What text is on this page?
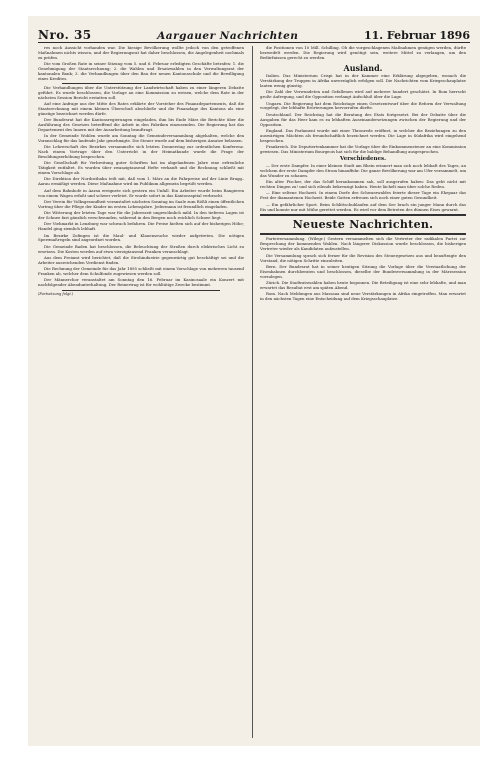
Nro. 35	Aargauer Nachrichten	11. Februar 1896

res noch Aussicht vorhanden war. Die hiesige Bevölkerung wollte jedoch von den getroffenen Maßnahmen nichts wissen, und der Regierungsrat hat daher beschlossen, die Angelegenheit nochmals zu prüfen.

Die vom Großen Rate in seiner Sitzung vom 5. und 6. Februar erledigten Geschäfte betrafen: 1. die Genehmigung der Staatsrechnung; 2. die Wahlen und Ersatzwahlen in den Verwaltungsrat der kantonalen Bank; 3. die Verhandlungen über den Bau der neuen Kantonsschule und die Bewilligung eines Kredites.

Die Verhandlungen über die Unterstützung der Landwirtschaft haben zu einer längeren Debatte geführt. Es wurde beschlossen, die Vorlage an eine Kommission zu weisen, welche dem Rate in der nächsten Session Bericht erstatten soll.

Auf eine Anfrage aus der Mitte des Rates erklärte der Vorsteher des Finanzdepartements, daß die Staatsrechnung mit einem kleinen Überschuß abschließe und die Finanzlage des Kantons als eine günstige bezeichnet werden dürfe.

Der Bundesrat hat die Kantonsregierungen eingeladen, ihm bis Ende März die Berichte über die Ausführung des Gesetzes betreffend die Arbeit in den Fabriken einzusenden. Die Regierung hat das Departement des Innern mit der Ausarbeitung beauftragt.

In der Gemeinde Wohlen wurde am Sonntag die Gemeindeversammlung abgehalten, welche den Voranschlag für das laufende Jahr genehmigte. Die Steuer wurde auf dem bisherigen Ansatze belassen.

Die Lehrerschaft des Bezirkes versammelte sich letzten Donnerstag zur ordentlichen Konferenz. Nach einem Vortrage über den Unterricht in der Heimatkunde wurde die Frage der Besoldungserhöhung besprochen.

Die Gesellschaft für Verbreitung guter Schriften hat im abgelaufenen Jahre eine erfreuliche Tätigkeit entfaltet. Es wurden über zwanzigtausend Hefte verkauft und die Rechnung schließt mit einem Vorschlage ab.

Die Direktion der Nordostbahn teilt mit, daß vom 1. März an die Fahrpreise auf der Linie Brugg–Aarau ermäßigt werden. Diese Maßnahme wird im Publikum allgemein begrüßt werden.

Auf dem Bahnhofe in Aarau ereignete sich gestern ein Unfall. Ein Arbeiter wurde beim Rangieren von einem Wagen erfaßt und schwer verletzt. Er wurde sofort in das Kantonsspital verbracht.

Der Verein für Volksgesundheit veranstaltet nächsten Sonntag im Saale zum Rößli einen öffentlichen Vortrag über die Pflege der Kinder im ersten Lebensjahre. Jedermann ist freundlich eingeladen.

Die Witterung der letzten Tage war für die Jahreszeit ungewöhnlich mild. In den tieferen Lagen ist der Schnee fast gänzlich verschwunden, während in den Bergen noch reichlich Schnee liegt.

Der Viehmarkt in Lenzburg war schwach befahren. Die Preise hielten sich auf der bisherigen Höhe; Handel ging ziemlich lebhaft.

Im Bezirke Zofingen ist die Maul- und Klauenseuche wieder aufgetreten. Die nötigen Sperrmaßregeln sind angeordnet worden.

Die Gemeinde Baden hat beschlossen, die Beleuchtung der Straßen durch elektrisches Licht zu ersetzen. Die Kosten werden auf etwa vierzigtausend Franken veranschlagt.

Aus dem Freiamt wird berichtet, daß die Strohindustrie gegenwärtig gut beschäftigt sei und die Arbeiter ausreichenden Verdienst finden.

Die Rechnung der Gemeinde für das Jahr 1895 schließt mit einem Vorschlage von mehreren tausend Franken ab, welcher dem Schulfonde zugewiesen werden soll.

Der Männerchor veranstaltet am Sonntag den 16. Februar im Kasinosaale ein Konzert mit nachfolgender Abendunterhaltung. Der Reinertrag ist für wohltätige Zwecke bestimmt.

(Fortsetzung folgt.)

die Positionen von 10 Mill. Schilling. Ob die vorgeschlagenen Maßnahmen genügen werden, dürfte bezweifelt werden. Die Regierung wird genötigt sein, weitere Mittel zu verlangen, um den Bedürfnissen gerecht zu werden.

Ausland.

Italien. Das Ministerium Crispi hat in der Kammer eine Erklärung abgegeben, wonach die Verstärkung der Truppen in Afrika unverzüglich erfolgen soll. Die Nachrichten vom Kriegsschauplatze lauten wenig günstig.

Die Zahl der Verwundeten und Gefallenen wird auf mehrere hundert geschätzt. In Rom herrscht große Aufregung, und die Opposition verlangt Aufschluß über die Lage.

Ungarn. Die Regierung hat dem Reichstage einen Gesetzentwurf über die Reform der Verwaltung vorgelegt, der lebhafte Erörterungen hervorrufen dürfte.

Deutschland. Der Reichstag hat die Beratung des Etats fortgesetzt. Bei der Debatte über die Ausgaben für das Heer kam es zu lebhaften Auseinandersetzungen zwischen der Regierung und der Opposition.

England. Das Parlament wurde mit einer Thronrede eröffnet, in welcher die Beziehungen zu den auswärtigen Mächten als freundschaftlich bezeichnet werden. Die Lage in Südafrika wird eingehend besprochen.

Frankreich. Die Deputiertenkammer hat die Vorlage über die Einkommensteuer an eine Kommission gewiesen. Das Ministerium Bourgeois hat sich für die baldige Behandlung ausgesprochen.

Verschiedenes.

— Der erste Dampfer. In einer kleinen Stadt am Rhein erinnert man sich noch lebhaft des Tages, an welchem der erste Dampfer den Strom hinauffuhr. Die ganze Bevölkerung war am Ufer versammelt, um das Wunder zu schauen.

Ein alter Fischer, der das Schiff herankommen sah, soll ausgerufen haben: Das geht nicht mit rechten Dingen zu! und sich eilends bekreuzigt haben. Heute lächelt man über solche Reden.

— Eine seltene Hochzeit. In einem Dorfe des Schwarzwaldes feierte dieser Tage ein Ehepaar das Fest der diamantenen Hochzeit. Beide Gatten erfreuen sich noch einer guten Gesundheit.

— Ein gefährlicher Sport. Beim Schlittschuhlaufen auf dem See brach ein junger Mann durch das Eis und konnte nur mit Mühe gerettet werden. Es wird vor dem Betreten des dünnen Eises gewarnt.

Neueste Nachrichten.

Parteiversammlung. (Wilegr.) Gestern versammelten sich die Vertreter der radikalen Partei zur Besprechung der kommenden Wahlen. Nach längerer Diskussion wurde beschlossen, die bisherigen Vertreter wieder als Kandidaten aufzustellen.

Die Versammlung sprach sich ferner für die Revision des Steuergesetzes aus und beauftragte den Vorstand, die nötigen Schritte einzuleiten.

Bern. Der Bundesrat hat in seiner heutigen Sitzung die Vorlage über die Verstaatlichung der Eisenbahnen durchberaten und beschlossen, dieselbe der Bundesversammlung in der Märzsession vorzulegen.

Zürich. Die Stadtratswahlen haben heute begonnen. Die Beteiligung ist eine sehr lebhafte, und man erwartet das Resultat erst am späten Abend.

Rom. Nach Meldungen aus Massaua sind neue Verstärkungen in Afrika eingetroffen. Man erwartet in den nächsten Tagen eine Entscheidung auf dem Kriegsschauplatze.
